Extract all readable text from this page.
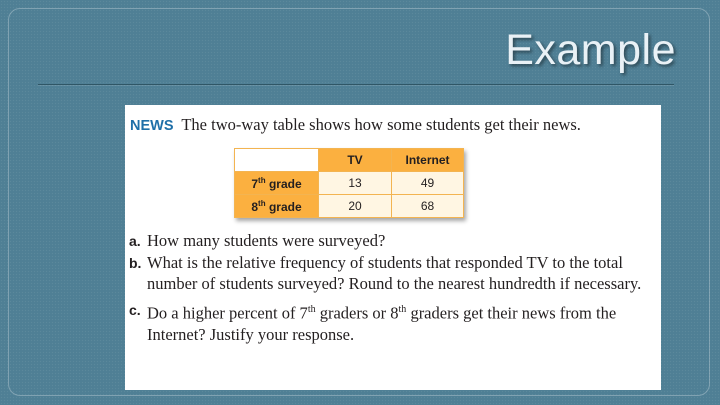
Example
NEWS The two-way table shows how some students get their news.
	TV	Internet
7th grade	13	49
8th grade	20	68
a. How many students were surveyed?
b. What is the relative frequency of students that responded TV to the total number of students surveyed? Round to the nearest hundredth if necessary.
c. Do a higher percent of 7th graders or 8th graders get their news from the Internet? Justify your response.
